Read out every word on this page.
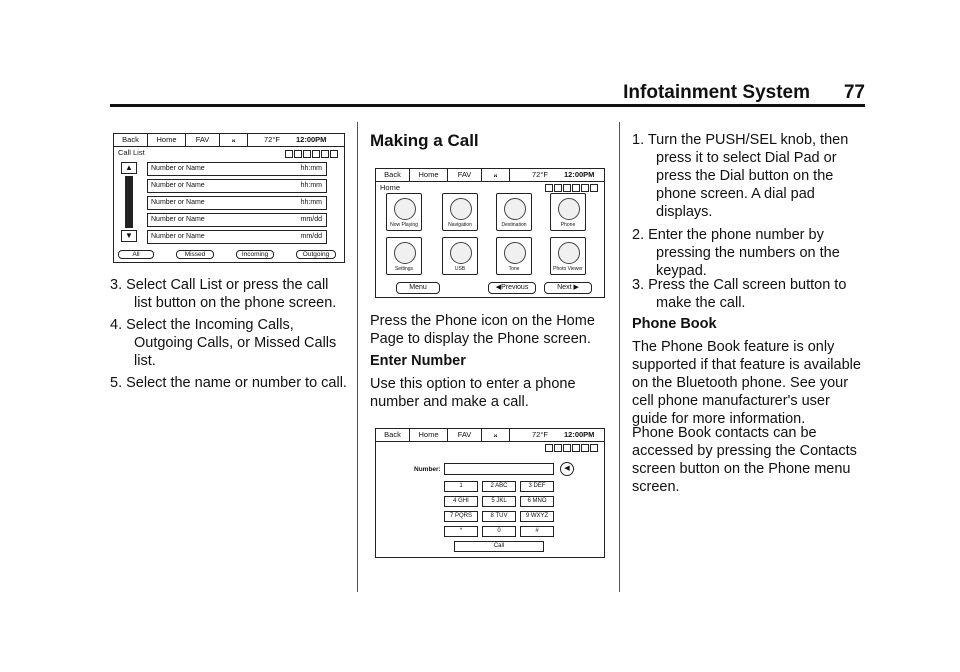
Infotainment System 77
Back	Home	FAV	𝄪	72°F 12:00PM
Call List
▲
▼
Number or Name	hh:mm
Number or Name	hh:mm
Number or Name	hh:mm
Number or Name	mm/dd
Number or Name	mm/dd
All	Missed	Incoming	Outgoing

3. Select Call List or press the call list button on the phone screen.

4. Select the Incoming Calls, Outgoing Calls, or Missed Calls list.

5. Select the name or number to call.

Making a Call
Back	Home	FAV	𝄪	72°F 12:00PM
Home
Now Playing	Navigation	Destination	Phone
Settings	USB	Tone	Photo Viewer
Menu	◀Previous	Next ▶

Press the Phone icon on the Home Page to display the Phone screen.

Enter Number

Use this option to enter a phone number and make a call.

Back	Home	FAV	𝄪	72°F 12:00PM
Number:	◀
1	2 ABC	3 DEF
4 GHI	5 JKL	6 MNO
7 PQRS	8 TUV	9 WXYZ
*	0	#
Call

1. Turn the PUSH/SEL knob, then press it to select Dial Pad or press the Dial button on the phone screen. A dial pad displays.

2. Enter the phone number by pressing the numbers on the keypad.

3. Press the Call screen button to make the call.

Phone Book

The Phone Book feature is only supported if that feature is available on the Bluetooth phone. See your cell phone manufacturer's user guide for more information.

Phone Book contacts can be accessed by pressing the Contacts screen button on the Phone menu screen.
